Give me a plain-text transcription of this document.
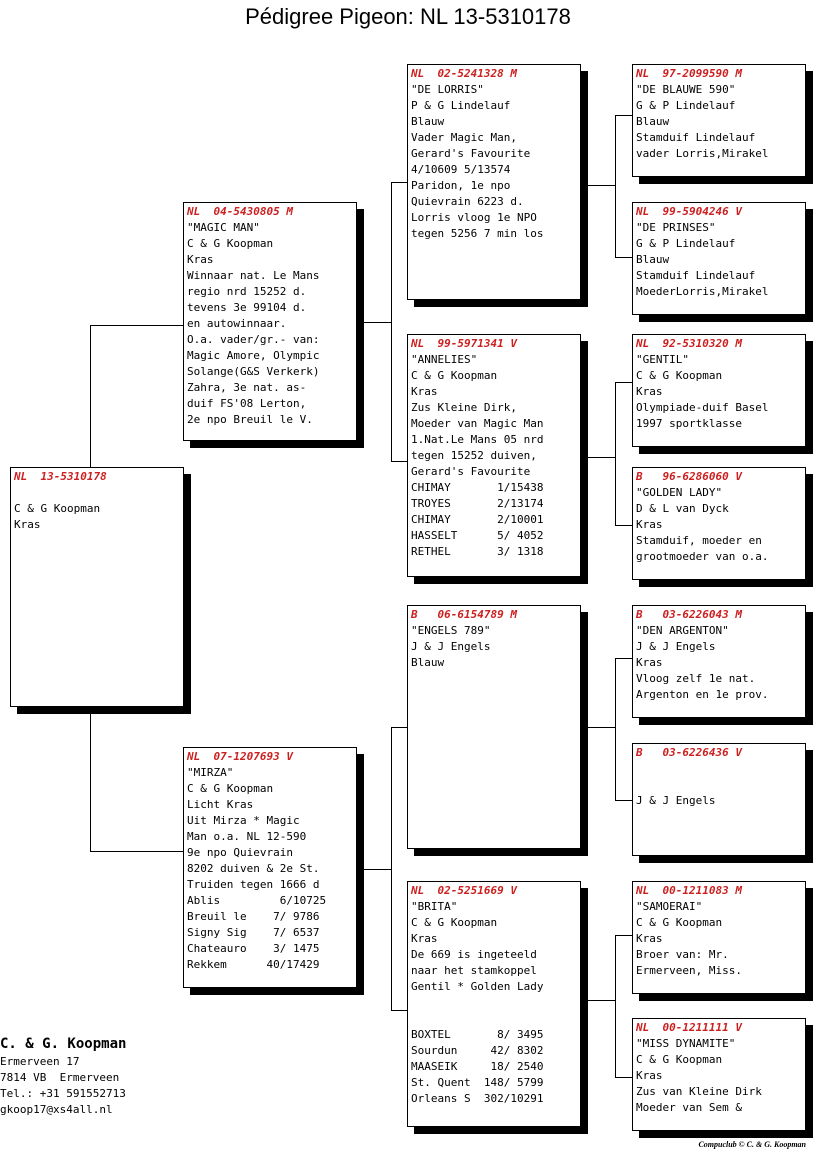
Pédigree Pigeon: NL 13-5310178
NL  13-5310178

C & G Koopman
Kras
NL  04-5430805 M
"MAGIC MAN"
C & G Koopman
Kras
Winnaar nat. Le Mans
regio nrd 15252 d.
tevens 3e 99104 d.
en autowinnaar.
O.a. vader/gr.- van:
Magic Amore, Olympic
Solange(G&S Verkerk)
Zahra, 3e nat. as-
duif FS'08 Lerton,
2e npo Breuil le V.
NL  07-1207693 V
"MIRZA"
C & G Koopman
Licht Kras
Uit Mirza * Magic
Man o.a. NL 12-590
9e npo Quievrain
8202 duiven & 2e St.
Truiden tegen 1666 d
Ablis         6/10725
Breuil le    7/ 9786
Signy Sig    7/ 6537
Chateauro    3/ 1475
Rekkem      40/17429
NL  02-5241328 M
"DE LORRIS"
P & G Lindelauf
Blauw
Vader Magic Man,
Gerard's Favourite
4/10609 5/13574
Paridon, 1e npo
Quievrain 6223 d.
Lorris vloog 1e NPO
tegen 5256 7 min los
NL  99-5971341 V
"ANNELIES"
C & G Koopman
Kras
Zus Kleine Dirk,
Moeder van Magic Man
1.Nat.Le Mans 05 nrd
tegen 15252 duiven,
Gerard's Favourite
CHIMAY       1/15438
TROYES       2/13174
CHIMAY       2/10001
HASSELT      5/ 4052
RETHEL       3/ 1318
B   06-6154789 M
"ENGELS 789"
J & J Engels
Blauw
NL  02-5251669 V
"BRITA"
C & G Koopman
Kras
De 669 is ingeteeld
naar het stamkoppel
Gentil * Golden Lady

BOXTEL       8/ 3495
Sourdun     42/ 8302
MAASEIK     18/ 2540
St. Quent  148/ 5799
Orleans S  302/10291
NL  97-2099590 M
"DE BLAUWE 590"
G & P Lindelauf
Blauw
Stamduif Lindelauf
vader Lorris,Mirakel
NL  99-5904246 V
"DE PRINSES"
G & P Lindelauf
Blauw
Stamduif Lindelauf
MoederLorris,Mirakel
NL  92-5310320 M
"GENTIL"
C & G Koopman
Kras
Olympiade-duif Basel
1997 sportklasse
B   96-6286060 V
"GOLDEN LADY"
D & L van Dyck
Kras
Stamduif, moeder en
grootmoeder van o.a.
B   03-6226043 M
"DEN ARGENTON"
J & J Engels
Kras
Vloog zelf 1e nat.
Argenton en 1e prov.
B   03-6226436 V

J & J Engels
NL  00-1211083 M
"SAMOERAI"
C & G Koopman
Kras
Broer van: Mr.
Ermerveen, Miss.
NL  00-1211111 V
"MISS DYNAMITE"
C & G Koopman
Kras
Zus van Kleine Dirk
Moeder van Sem &
C. & G. Koopman
Ermerveen 17
7814 VB  Ermerveen
Tel.: +31 591552713
gkoop17@xs4all.nl
Compuclub © C. & G. Koopman
